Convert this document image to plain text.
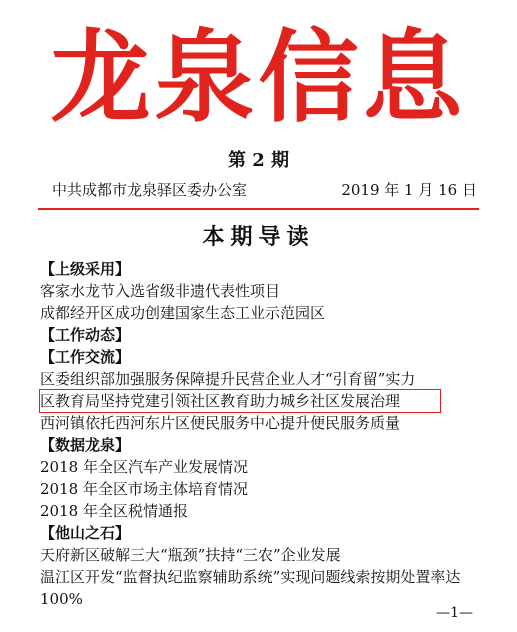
龙泉信息
第 2 期
中共成都市龙泉驿区委办公室	2019 年 1 月 16 日
本期导读
【上级采用】
客家水龙节入选省级非遗代表性项目
成都经开区成功创建国家生态工业示范园区
【工作动态】
【工作交流】
区委组织部加强服务保障提升民营企业人才“引育留”实力
区教育局坚持党建引领社区教育助力城乡社区发展治理
西河镇依托西河东片区便民服务中心提升便民服务质量
【数据龙泉】
2018 年全区汽车产业发展情况
2018 年全区市场主体培育情况
2018 年全区税情通报
【他山之石】
天府新区破解三大“瓶颈”扶持“三农”企业发展
温江区开发“监督执纪监察辅助系统”实现问题线索按期处置率达 100%
—1—
